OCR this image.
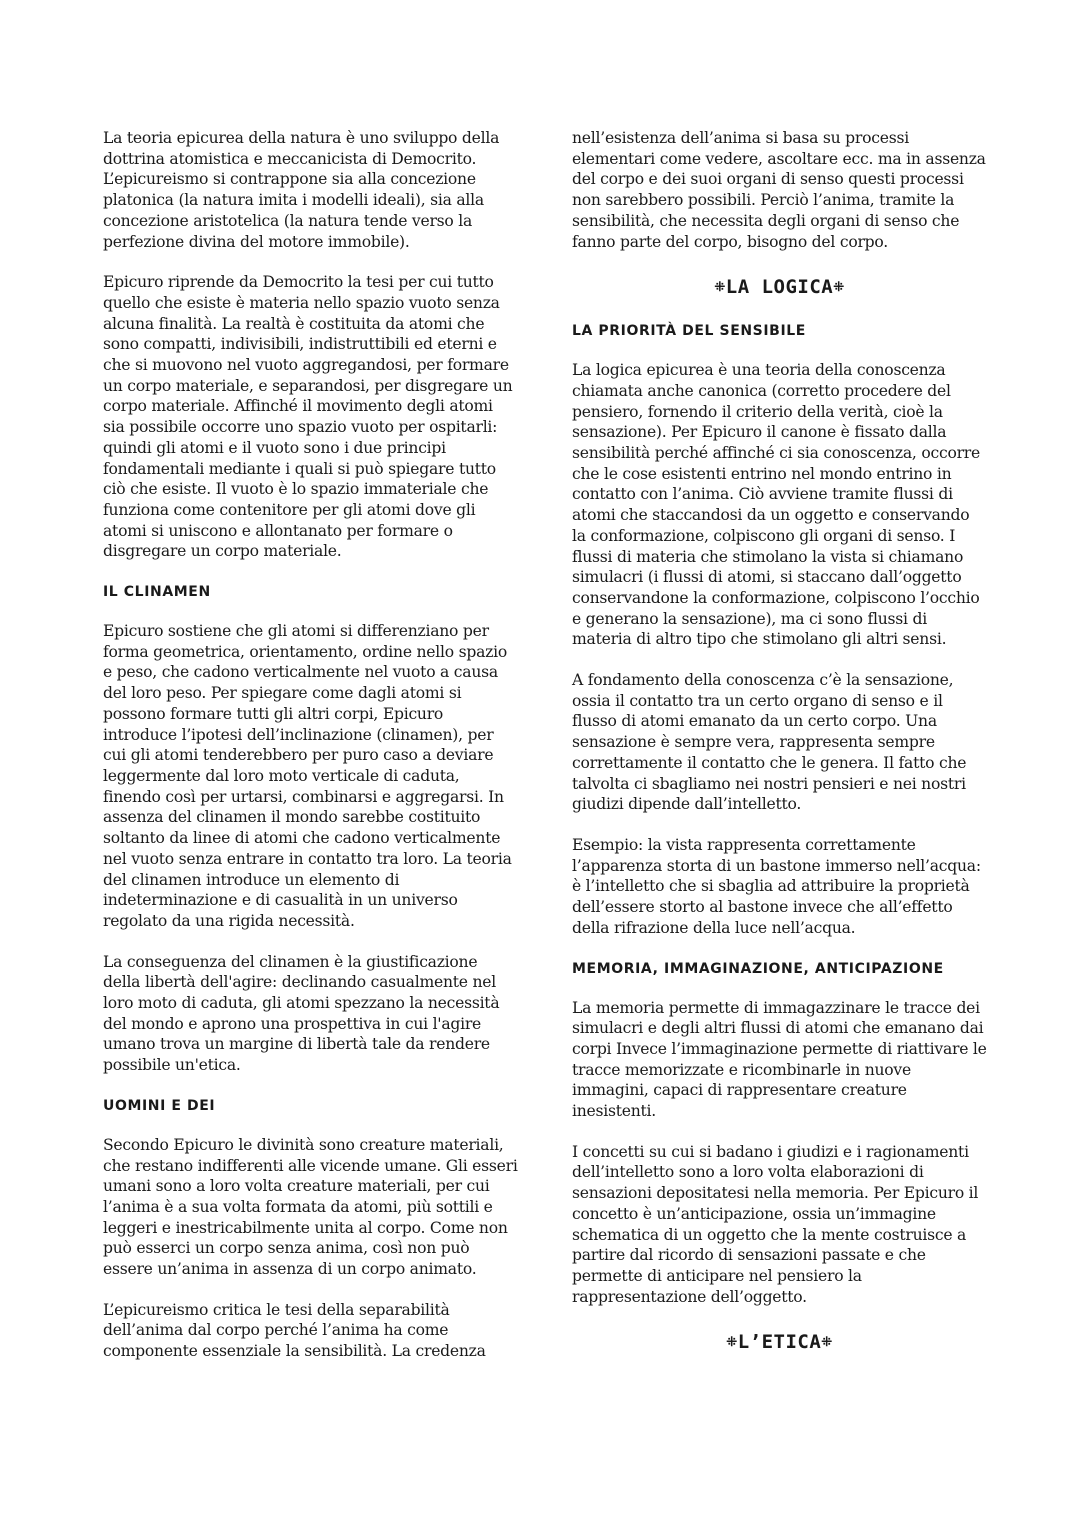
La teoria epicurea della natura è uno sviluppo della dottrina atomistica e meccanicista di Democrito. L’epicureismo si contrappone sia alla concezione platonica (la natura imita i modelli ideali), sia alla concezione aristotelica (la natura tende verso la perfezione divina del motore immobile).

Epicuro riprende da Democrito la tesi per cui tutto quello che esiste è materia nello spazio vuoto senza alcuna finalità. La realtà è costituita da atomi che sono compatti, indivisibili, indistruttibili ed eterni e che si muovono nel vuoto aggregandosi, per formare un corpo materiale, e separandosi, per disgregare un corpo materiale. Affinché il movimento degli atomi sia possibile occorre uno spazio vuoto per ospitarli: quindi gli atomi e il vuoto sono i due principi fondamentali mediante i quali si può spiegare tutto ciò che esiste. Il vuoto è lo spazio immateriale che funziona come contenitore per gli atomi dove gli atomi si uniscono e allontanato per formare o disgregare un corpo materiale.

IL CLINAMEN

Epicuro sostiene che gli atomi si differenziano per forma geometrica, orientamento, ordine nello spazio e peso, che cadono verticalmente nel vuoto a causa del loro peso. Per spiegare come dagli atomi si possono formare tutti gli altri corpi, Epicuro introduce l’ipotesi dell’inclinazione (clinamen), per cui gli atomi tenderebbero per puro caso a deviare leggermente dal loro moto verticale di caduta, finendo così per urtarsi, combinarsi e aggregarsi. In assenza del clinamen il mondo sarebbe costituito soltanto da linee di atomi che cadono verticalmente nel vuoto senza entrare in contatto tra loro. La teoria del clinamen introduce un elemento di indeterminazione e di casualità in un universo regolato da una rigida necessità.

La conseguenza del clinamen è la giustificazione della libertà dell'agire: declinando casualmente nel loro moto di caduta, gli atomi spezzano la necessità del mondo e aprono una prospettiva in cui l'agire umano trova un margine di libertà tale da rendere possibile un'etica.

UOMINI E DEI

Secondo Epicuro le divinità sono creature materiali, che restano indifferenti alle vicende umane. Gli esseri umani sono a loro volta creature materiali, per cui l’anima è a sua volta formata da atomi, più sottili e leggeri e inestricabilmente unita al corpo. Come non può esserci un corpo senza anima, così non può essere un’anima in assenza di un corpo animato.

L’epicureismo critica le tesi della separabilità dell’anima dal corpo perché l’anima ha come componente essenziale la sensibilità. La credenza

nell’esistenza dell’anima si basa su processi elementari come vedere, ascoltare ecc. ma in assenza del corpo e dei suoi organi di senso questi processi non sarebbero possibili. Perciò l’anima, tramite la sensibilità, che necessita degli organi di senso che fanno parte del corpo, bisogno del corpo.

⁜LA LOGICA⁜
LA PRIORITÀ DEL SENSIBILE

La logica epicurea è una teoria della conoscenza chiamata anche canonica (corretto procedere del pensiero, fornendo il criterio della verità, cioè la sensazione). Per Epicuro il canone è fissato dalla sensibilità perché affinché ci sia conoscenza, occorre che le cose esistenti entrino nel mondo entrino in contatto con l’anima. Ciò avviene tramite flussi di atomi che staccandosi da un oggetto e conservando la conformazione, colpiscono gli organi di senso. I flussi di materia che stimolano la vista si chiamano simulacri (i flussi di atomi, si staccano dall’oggetto conservandone la conformazione, colpiscono l’occhio e generano la sensazione), ma ci sono flussi di materia di altro tipo che stimolano gli altri sensi.

A fondamento della conoscenza c’è la sensazione, ossia il contatto tra un certo organo di senso e il flusso di atomi emanato da un certo corpo. Una sensazione è sempre vera, rappresenta sempre correttamente il contatto che le genera. Il fatto che talvolta ci sbagliamo nei nostri pensieri e nei nostri giudizi dipende dall’intelletto.

Esempio: la vista rappresenta correttamente l’apparenza storta di un bastone immerso nell’acqua: è l’intelletto che si sbaglia ad attribuire la proprietà dell’essere storto al bastone invece che all’effetto della rifrazione della luce nell’acqua.

MEMORIA, IMMAGINAZIONE, ANTICIPAZIONE

La memoria permette di immagazzinare le tracce dei simulacri e degli altri flussi di atomi che emanano dai corpi Invece l’immaginazione permette di riattivare le tracce memorizzate e ricombinarle in nuove immagini, capaci di rappresentare creature inesistenti.

I concetti su cui si badano i giudizi e i ragionamenti dell’intelletto sono a loro volta elaborazioni di sensazioni depositatesi nella memoria. Per Epicuro il concetto è un’anticipazione, ossia un’immagine schematica di un oggetto che la mente costruisce a partire dal ricordo di sensazioni passate e che permette di anticipare nel pensiero la rappresentazione dell’oggetto.

⁜L’ETICA⁜
